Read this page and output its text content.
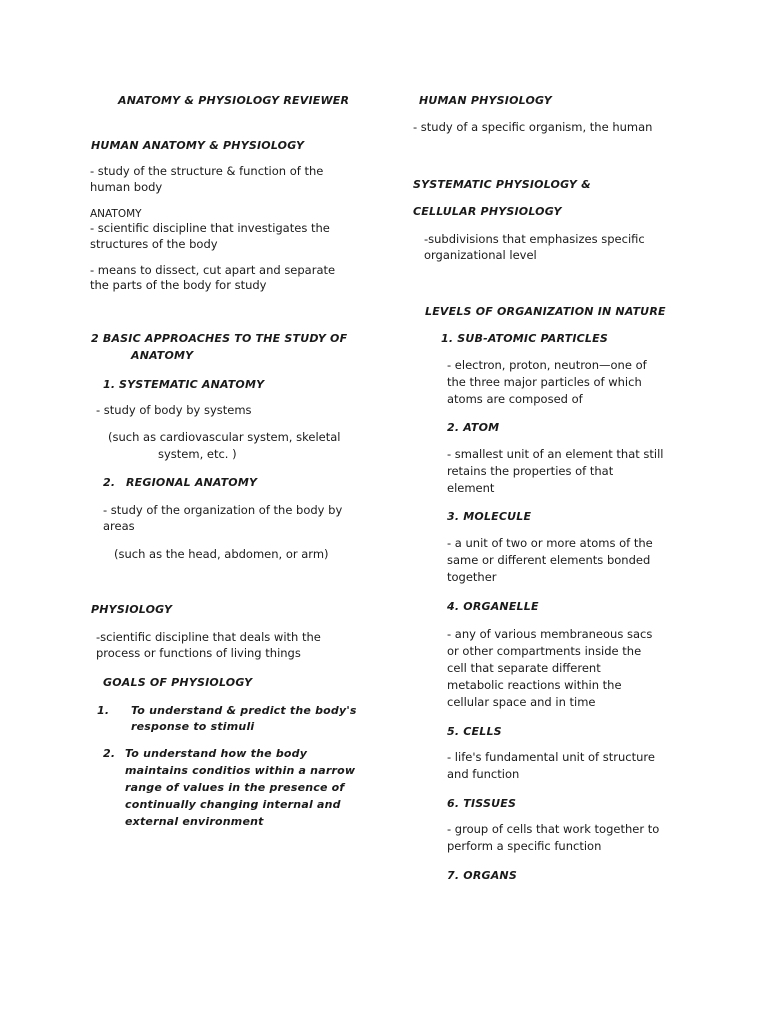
ANATOMY & PHYSIOLOGY REVIEWER
HUMAN ANATOMY & PHYSIOLOGY
- study of the structure & function of the
human body
ANATOMY
- scientific discipline that investigates the
structures of the body
- means to dissect, cut apart and separate
the parts of the body for study
2 BASIC APPROACHES TO THE STUDY OF
ANATOMY
1. SYSTEMATIC ANATOMY
- study of body by systems
(such as cardiovascular system, skeletal
system, etc. )
2. REGIONAL ANATOMY
- study of the organization of the body by
areas
(such as the head, abdomen, or arm)
PHYSIOLOGY
-scientific discipline that deals with the
process or functions of living things
GOALS OF PHYSIOLOGY
1. To understand & predict the body's
response to stimuli
2. To understand how the body
maintains conditios within a narrow
range of values in the presence of
continually changing internal and
external environment
HUMAN PHYSIOLOGY
- study of a specific organism, the human
SYSTEMATIC PHYSIOLOGY &
CELLULAR PHYSIOLOGY
-subdivisions that emphasizes specific
organizational level
LEVELS OF ORGANIZATION IN NATURE
1. SUB-ATOMIC PARTICLES
- electron, proton, neutron—one of
the three major particles of which
atoms are composed of
2. ATOM
- smallest unit of an element that still
retains the properties of that
element
3. MOLECULE
- a unit of two or more atoms of the
same or different elements bonded
together
4. ORGANELLE
- any of various membraneous sacs
or other compartments inside the
cell that separate different
metabolic reactions within the
cellular space and in time
5. CELLS
- life's fundamental unit of structure
and function
6. TISSUES
- group of cells that work together to
perform a specific function
7. ORGANS
